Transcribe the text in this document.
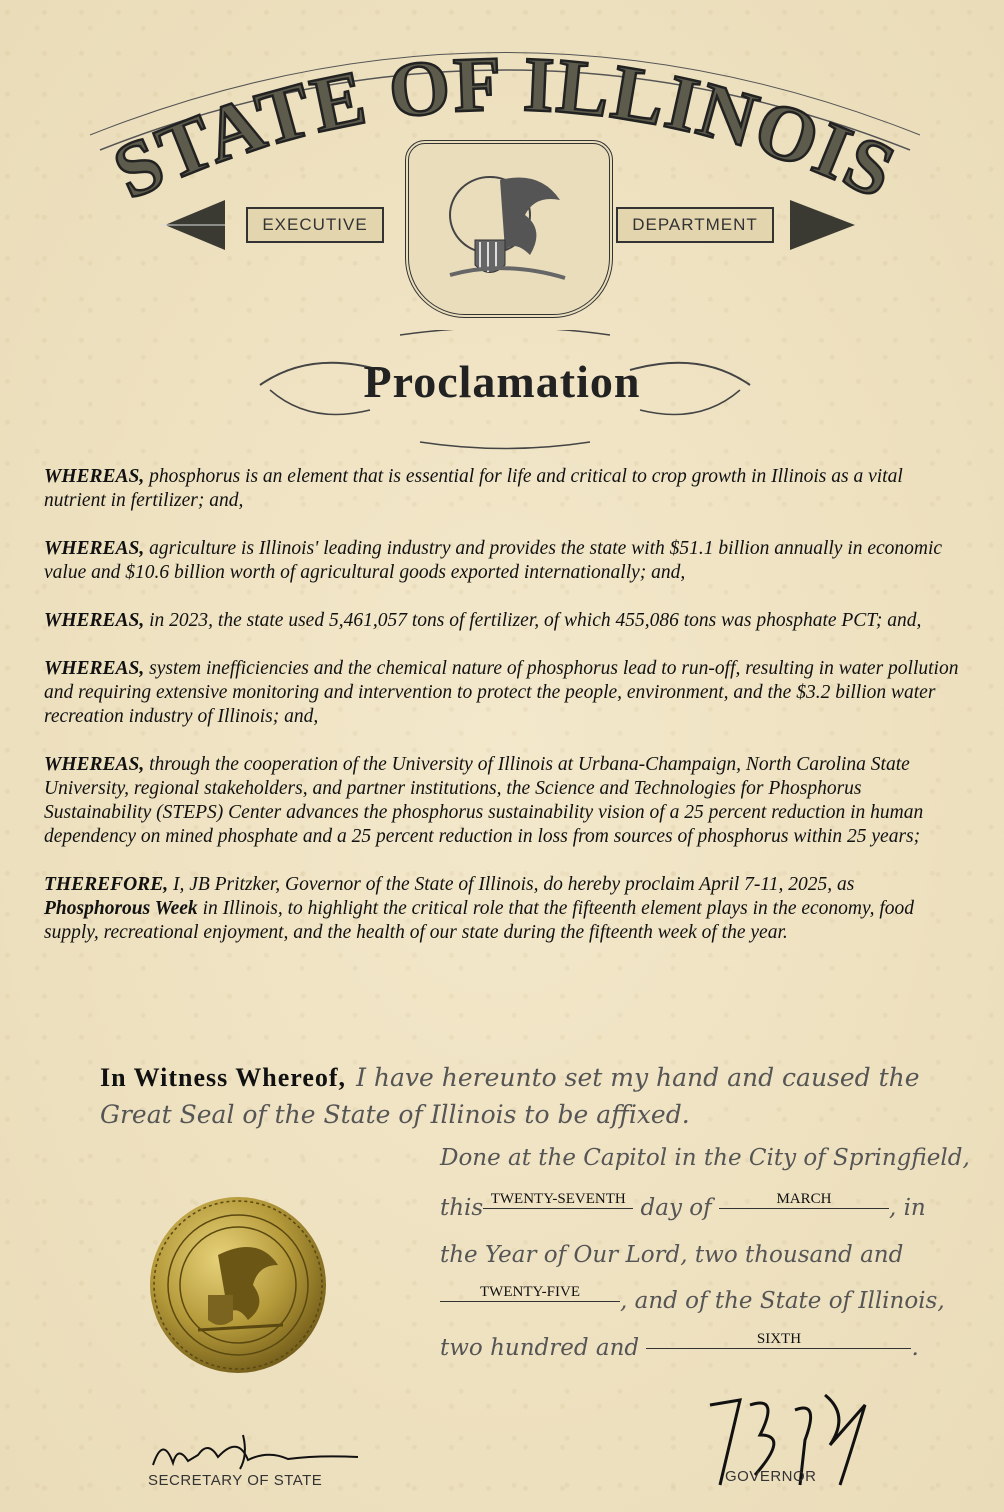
STATE OF ILLINOIS
EXECUTIVE	DEPARTMENT
Proclamation

WHEREAS, phosphorus is an element that is essential for life and critical to crop growth in Illinois as a vital nutrient in fertilizer; and,

WHEREAS, agriculture is Illinois' leading industry and provides the state with $51.1 billion annually in economic value and $10.6 billion worth of agricultural goods exported internationally; and,

WHEREAS, in 2023, the state used 5,461,057 tons of fertilizer, of which 455,086 tons was phosphate PCT; and,

WHEREAS, system inefficiencies and the chemical nature of phosphorus lead to run-off, resulting in water pollution and requiring extensive monitoring and intervention to protect the people, environment, and the $3.2 billion water recreation industry of Illinois; and,

WHEREAS, through the cooperation of the University of Illinois at Urbana-Champaign, North Carolina State University, regional stakeholders, and partner institutions, the Science and Technologies for Phosphorus Sustainability (STEPS) Center advances the phosphorus sustainability vision of a 25 percent reduction in human dependency on mined phosphate and a 25 percent reduction in loss from sources of phosphorus within 25 years;

THEREFORE, I, JB Pritzker, Governor of the State of Illinois, do hereby proclaim April 7-11, 2025, as Phosphorous Week in Illinois, to highlight the critical role that the fifteenth element plays in the economy, food supply, recreational enjoyment, and the health of our state during the fifteenth week of the year.

In Witness Whereof, I have hereunto set my hand and caused the Great Seal of the State of Illinois to be affixed.
Done at the Capitol in the City of Springfield,
this TWENTY-SEVENTH day of	MARCH	, in
the Year of Our Lord, two thousand and
TWENTY-FIVE , and of the State of Illinois,
two hundred and	SIXTH	.
SECRETARY OF STATE	GOVERNOR
